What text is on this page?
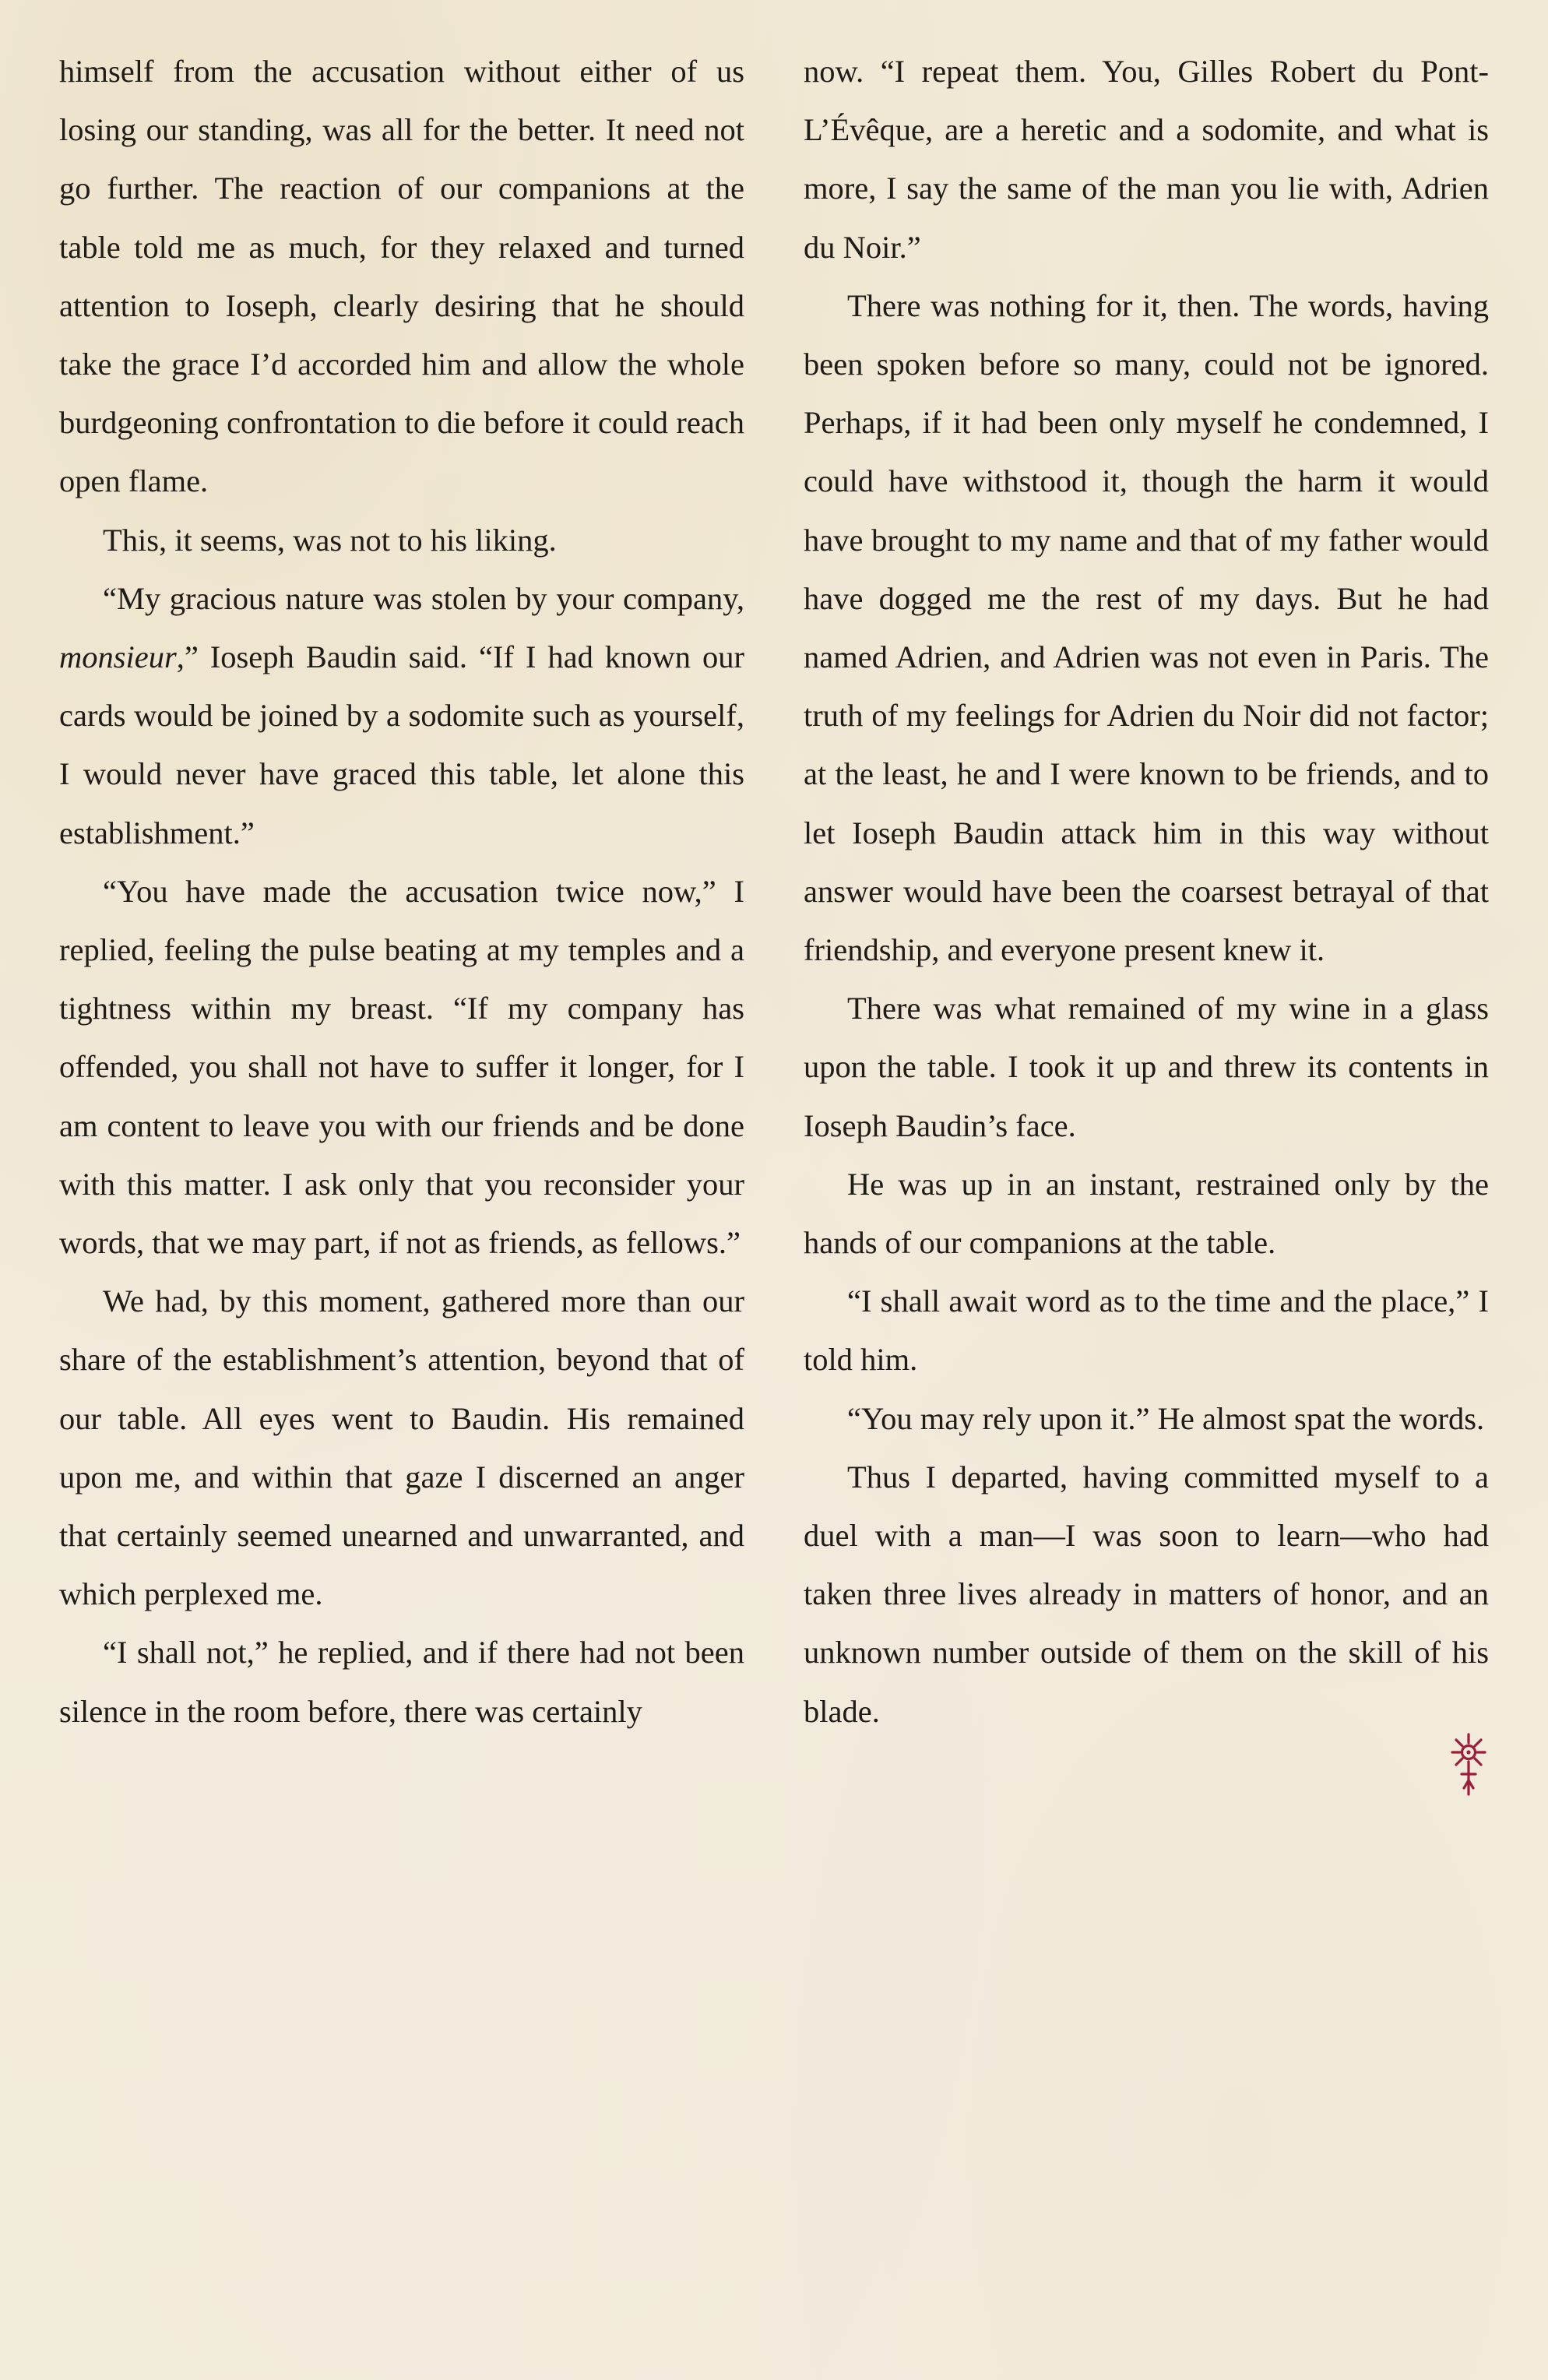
himself from the accusation without either of us losing our standing, was all for the better. It need not go further. The reaction of our companions at the table told me as much, for they relaxed and turned attention to Ioseph, clearly desiring that he should take the grace I’d accorded him and allow the whole burdgeoning confrontation to die before it could reach open flame.

This, it seems, was not to his liking.

“My gracious nature was stolen by your company, monsieur,” Ioseph Baudin said. “If I had known our cards would be joined by a sodomite such as yourself, I would never have graced this table, let alone this establishment.”

“You have made the accusation twice now,” I replied, feeling the pulse beating at my temples and a tightness within my breast. “If my company has offended, you shall not have to suffer it longer, for I am content to leave you with our friends and be done with this matter. I ask only that you reconsider your words, that we may part, if not as friends, as fellows.”

We had, by this moment, gathered more than our share of the establishment’s attention, beyond that of our table. All eyes went to Baudin. His remained upon me, and within that gaze I discerned an anger that certainly seemed unearned and unwarranted, and which perplexed me.

“I shall not,” he replied, and if there had not been silence in the room before, there was certainly

now. “I repeat them. You, Gilles Robert du Pont-L’Évêque, are a heretic and a sodomite, and what is more, I say the same of the man you lie with, Adrien du Noir.”

There was nothing for it, then. The words, having been spoken before so many, could not be ignored. Perhaps, if it had been only myself he condemned, I could have withstood it, though the harm it would have brought to my name and that of my father would have dogged me the rest of my days. But he had named Adrien, and Adrien was not even in Paris. The truth of my feelings for Adrien du Noir did not factor; at the least, he and I were known to be friends, and to let Ioseph Baudin attack him in this way without answer would have been the coarsest betrayal of that friendship, and everyone present knew it.

There was what remained of my wine in a glass upon the table. I took it up and threw its contents in Ioseph Baudin’s face.

He was up in an instant, restrained only by the hands of our companions at the table.

“I shall await word as to the time and the place,” I told him.

“You may rely upon it.” He almost spat the words.

Thus I departed, having committed myself to a duel with a man—I was soon to learn—who had taken three lives already in matters of honor, and an unknown number outside of them on the skill of his blade.
